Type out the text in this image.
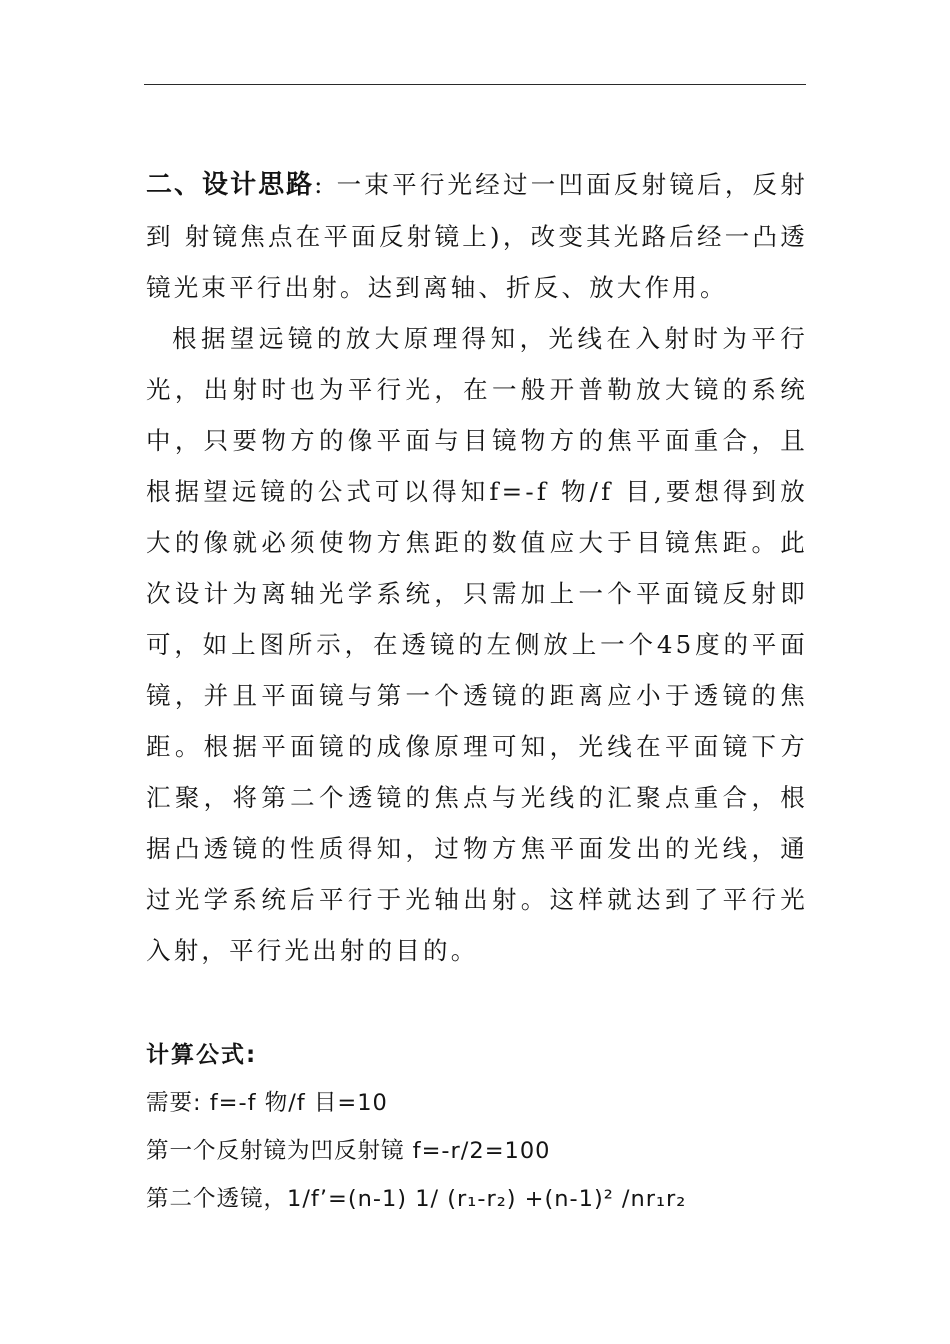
二、设计思路: 一束平行光经过一凹面反射镜后，反射到 射镜焦点在平面反射镜上)，改变其光路后经一凸透镜光束平行出射。达到离轴、折反、放大作用。

根据望远镜的放大原理得知，光线在入射时为平行光，出射时也为平行光，在一般开普勒放大镜的系统中，只要物方的像平面与目镜物方的焦平面重合，且根据望远镜的公式可以得知f=-f 物/f 目,要想得到放大的像就必须使物方焦距的数值应大于目镜焦距。此次设计为离轴光学系统，只需加上一个平面镜反射即可，如上图所示，在透镜的左侧放上一个45度的平面镜，并且平面镜与第一个透镜的距离应小于透镜的焦距。根据平面镜的成像原理可知，光线在平面镜下方汇聚，将第二个透镜的焦点与光线的汇聚点重合，根据凸透镜的性质得知，过物方焦平面发出的光线，通过光学系统后平行于光轴出射。这样就达到了平行光入射，平行光出射的目的。

计算公式:

需要: f=-f 物/f 目=10

第一个反射镜为凹反射镜 f=-r/2=100

第二个透镜，1/f’=(n-1) 1/ (r₁-r₂) +(n-1)² /nr₁r₂
